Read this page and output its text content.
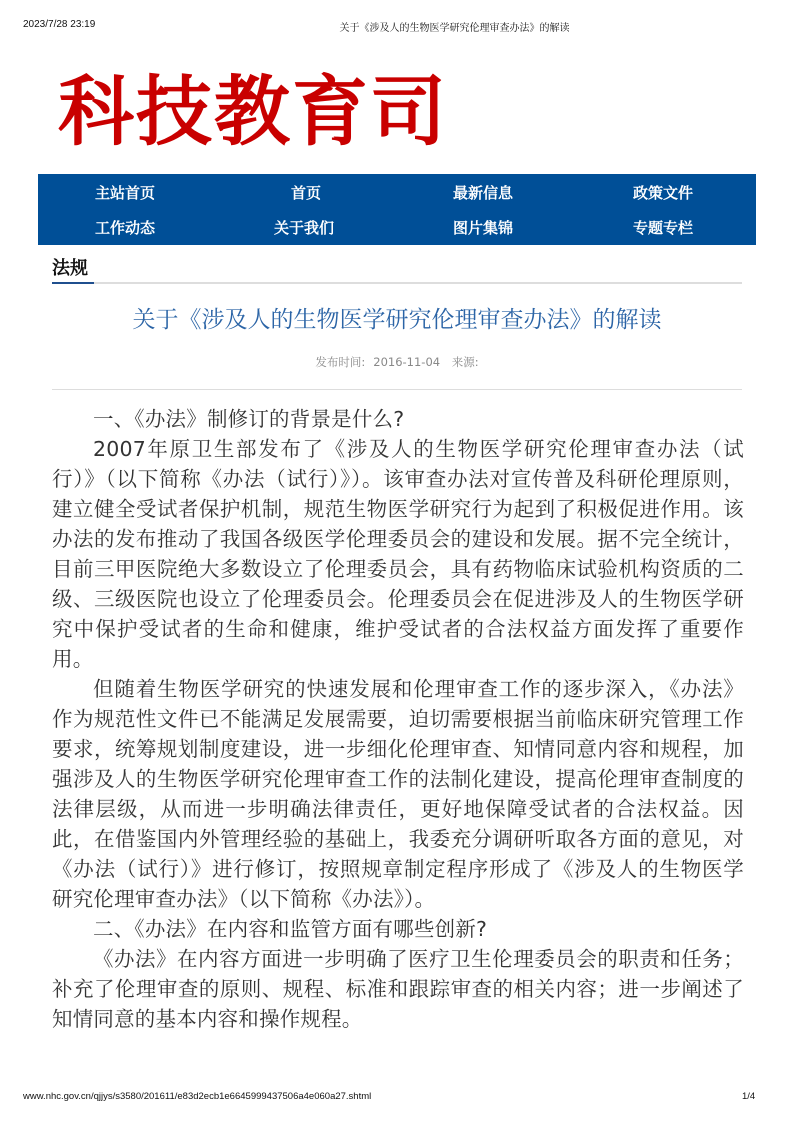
2023/7/28 23:19	关于《涉及人的生物医学研究伦理审查办法》的解读
科技教育司
主站首页	首页	最新信息	政策文件
工作动态	关于我们	图片集锦	专题专栏
法规
关于《涉及人的生物医学研究伦理审查办法》的解读
发布时间: 2016-11-04 来源:

一、《办法》制修订的背景是什么?

2007年原卫生部发布了《涉及人的生物医学研究伦理审查办法（试行）》（以下简称《办法（试行）》）。该审查办法对宣传普及科研伦理原则，建立健全受试者保护机制，规范生物医学研究行为起到了积极促进作用。该办法的发布推动了我国各级医学伦理委员会的建设和发展。据不完全统计，目前三甲医院绝大多数设立了伦理委员会，具有药物临床试验机构资质的二级、三级医院也设立了伦理委员会。伦理委员会在促进涉及人的生物医学研究中保护受试者的生命和健康，维护受试者的合法权益方面发挥了重要作用。

但随着生物医学研究的快速发展和伦理审查工作的逐步深入，《办法》作为规范性文件已不能满足发展需要，迫切需要根据当前临床研究管理工作要求，统筹规划制度建设，进一步细化伦理审查、知情同意内容和规程，加强涉及人的生物医学研究伦理审查工作的法制化建设，提高伦理审查制度的法律层级，从而进一步明确法律责任，更好地保障受试者的合法权益。因此，在借鉴国内外管理经验的基础上，我委充分调研听取各方面的意见，对《办法（试行）》进行修订，按照规章制定程序形成了《涉及人的生物医学研究伦理审查办法》（以下简称《办法》）。

二、《办法》在内容和监管方面有哪些创新?

《办法》在内容方面进一步明确了医疗卫生伦理委员会的职责和任务；补充了伦理审查的原则、规程、标准和跟踪审查的相关内容；进一步阐述了知情同意的基本内容和操作规程。

www.nhc.gov.cn/qjjys/s3580/201611/e83d2ecb1e6645999437506a4e060a27.shtml	1/4
